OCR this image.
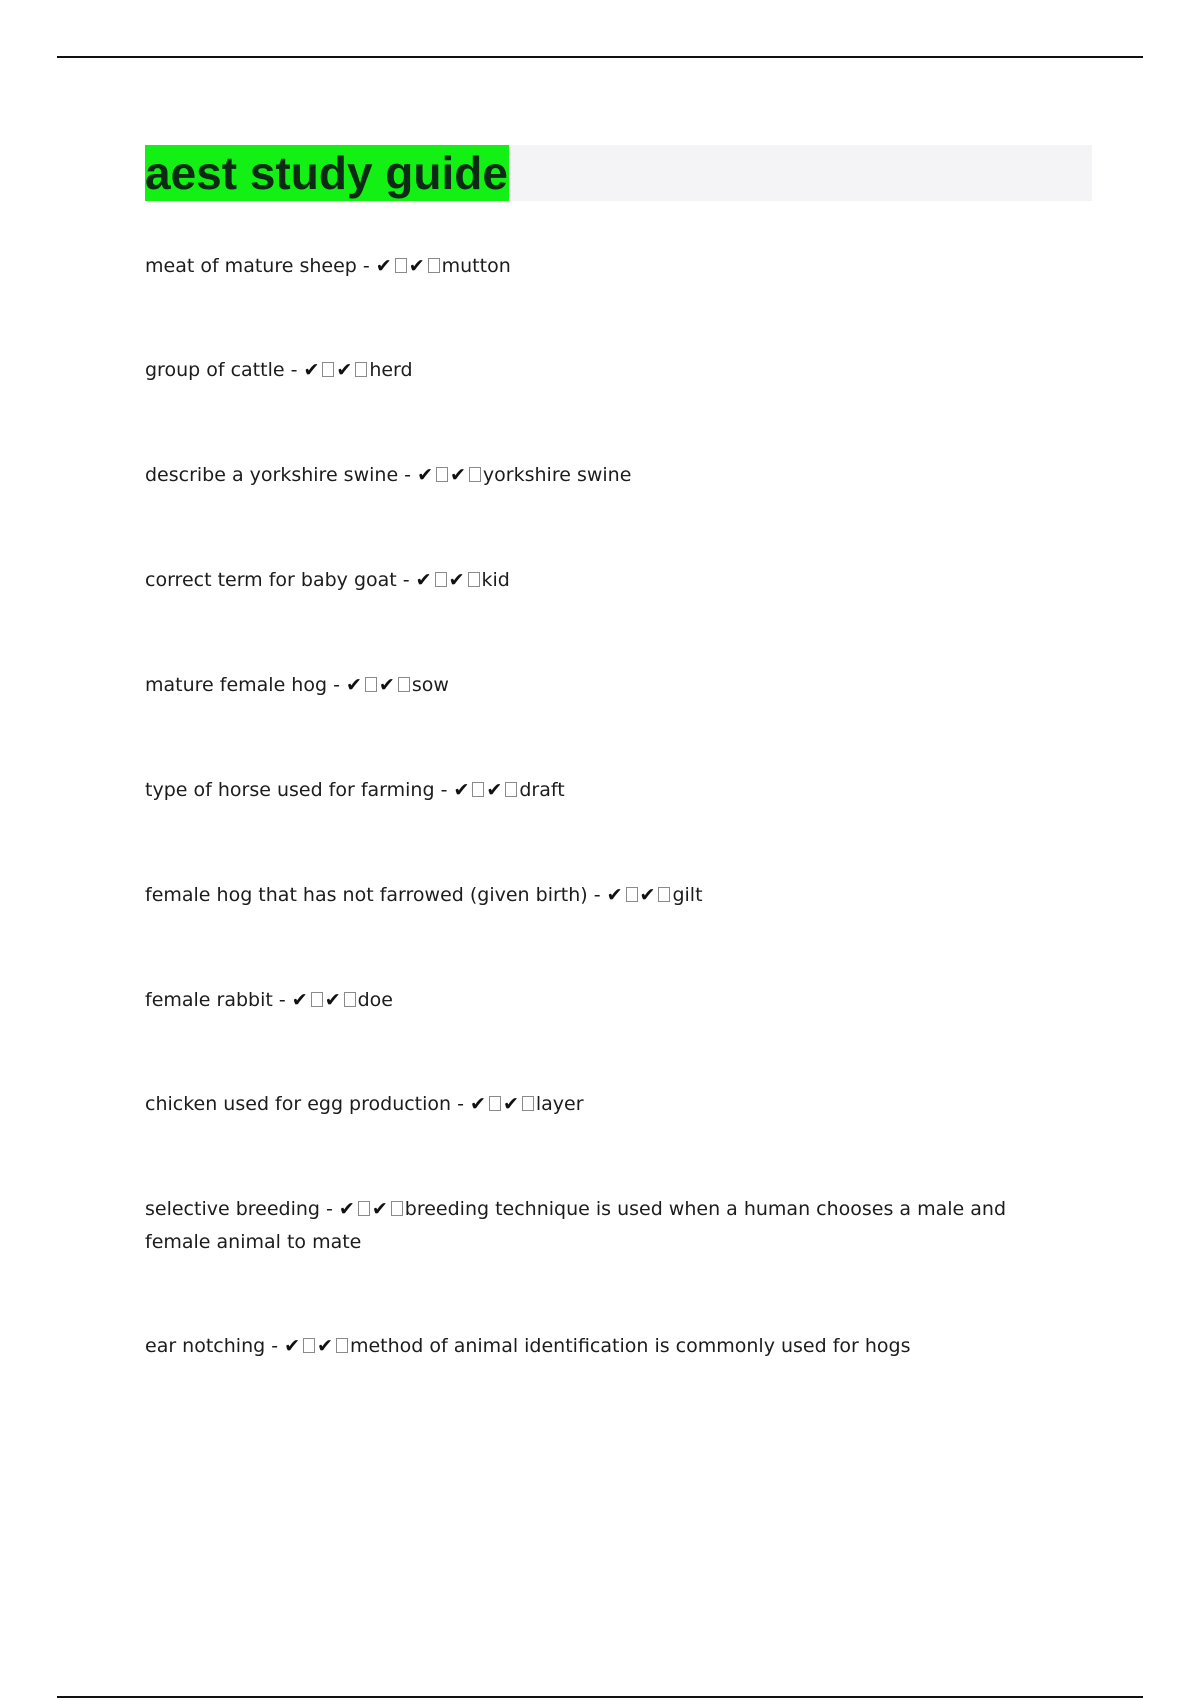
aest study guide
meat of mature sheep - ✔ ✔ mutton
group of cattle - ✔ ✔ herd
describe a yorkshire swine - ✔ ✔ yorkshire swine
correct term for baby goat - ✔ ✔ kid
mature female hog - ✔ ✔ sow
type of horse used for farming - ✔ ✔ draft
female hog that has not farrowed (given birth) - ✔ ✔ gilt
female rabbit - ✔ ✔ doe
chicken used for egg production - ✔ ✔ layer
selective breeding - ✔ ✔ breeding technique is used when a human chooses a male and female animal to mate
ear notching - ✔ ✔ method of animal identification is commonly used for hogs
